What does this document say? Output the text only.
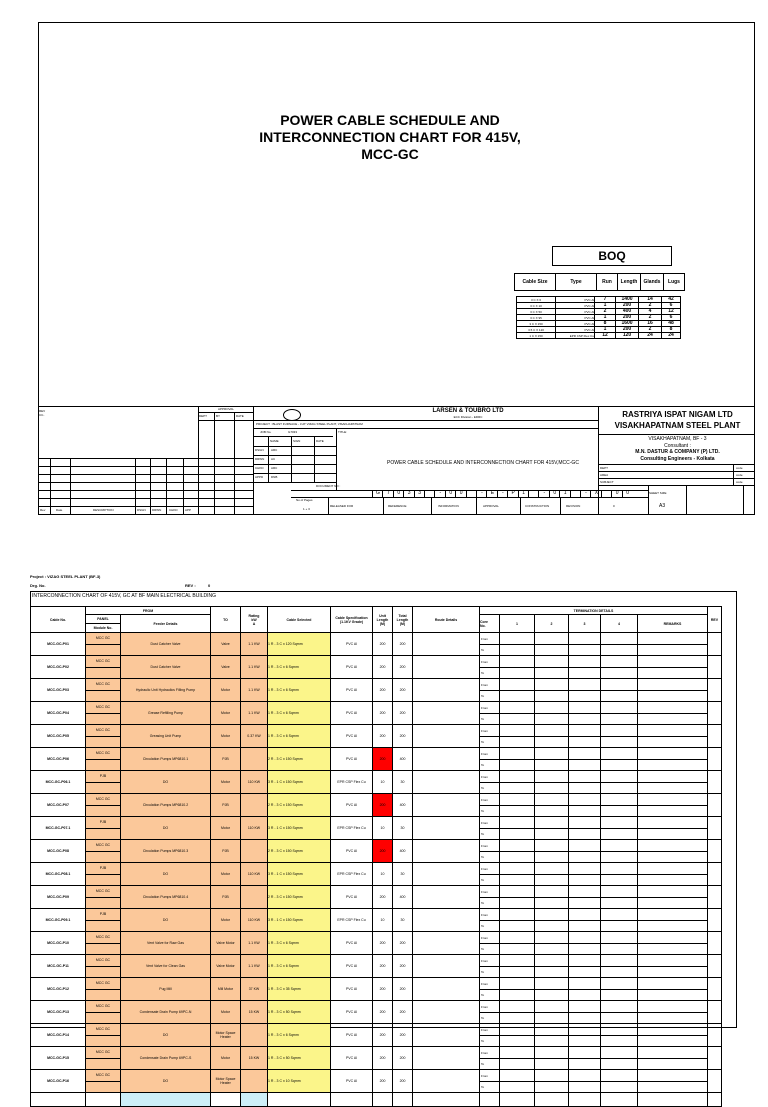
POWER CABLE SCHEDULE AND
INTERCONNECTION CHART FOR 415V,
MCC-GC
BOQ
Cable Size	Type	Run	Length	Glands	Lugs
3 C X 6	PVC Al	7	1400	14	42
3 C X 10	PVC Al	1	200	2	6
3 C X 50	PVC Al	2	400	4	12
3 C X 95	PVC Al	1	200	2	6
3 C X 150	PVC Al	8	1600	16	48
3.5 C X 120	PVC Al	1	200	2	8
1 C X 150	EPR CSP Flex Cu	12	120	24	24
REV
CC-
Rev	Date	DESCRIPTION	DSGN DRWN	CHKD APP
APPROVAL
DEPT	BY	DATE
LARSEN & TOUBRO LTD
ECC Division - EDRC
PROJECT : BLAST FURNACE - 3 AT VIZAG STEEL PLANT, VISAKHAPATNAM
JOB No.	G7033	TITLE:
NAME	SIGN	DATE
DSGN ARC
DRWN AC
CHKD ARC
APPD	DNB
POWER CABLE SCHEDULE AND INTERCONNECTION CHART FOR 415V,MCC-GC
DOCUMENT NO :
G	7	0	3	3	-	0	0	-	E	-	P	1	-	0	1	-	X	0	0
No of Pages
1 + 3
RELEASED FOR	REFERENCE	INFORMATION	APPROVAL	CONSTRUCTION	REVISION	0
SHEET SIZE
A3
RASTRIYA ISPAT NIGAM LTD
VISAKHAPATNAM STEEL PLANT
VISAKHAPATNAM, BF - 3
Consultant :
M.N. DASTUR & COMPANY (P) LTD.
Consulting Engineers - Kolkata
DEPT
AREA
SUBJECT
code
code
code
Project : VIZAG STEEL PLANT (BF-3)
Drg. No.	REV :	0
INTERCONNECTION CHART OF 415V, GC AT BF MAIN ELECTRICAL BUILDING
Cable No.	FROM		TO	Rating
kW
A	Cable Selected	Cable Specification
(1.1KV Grade)	Unit
Length
(M)	Total
Length
(M)	Route Details	TERMINATION DETAILS						REV
	PANEL	Feeder Details								Core
No.	1	2	3	4	REMARKS	
	Module No.															
MCC-GC-P01	MCC GC	Dust Catcher Valve	Valve	1.1 KW	1 R - 3 C x 120 Sqmm	PVC Al	200	200		From
To						

MCC-GC-P02	MCC GC	Dust Catcher Valve	Valve	1.1 KW	1 R - 3 C x 6 Sqmm	PVC Al	200	200		From
To						

MCC-GC-P03	MCC GC	Hydraulic Unit Hydraulics Filling Pump	Motor	1.1 KW	1 R - 3 C x 6 Sqmm	PVC Al	200	200		From
To						

MCC-GC-P04	MCC GC	Grease Refilling Pump	Motor	1.1 KW	1 R - 3 C x 6 Sqmm	PVC Al	200	200		From
To						

MCC-GC-P05	MCC GC	Greasing Unit Pump	Motor	0.37 KW	1 R - 3 C x 6 Sqmm	PVC Al	200	200		From
To						

MCC-GC-P06	MCC GC	Circulation Pumps MP6810.1	PJB		2 R - 3 C x 150 Sqmm	PVC Al	200	400		From
To						

MCC-GC-P06.1	PJB	DO	Motor	110 KW	3 R - 1 C x 150 Sqmm	EPR CSP Flex Cu	10	30		From
To						

MCC-GC-P07	MCC GC	Circulation Pumps MP6810.2	PJB		2 R - 3 C x 150 Sqmm	PVC Al	200	400		From
To						

MCC-GC-P07.1	PJB	DO	Motor	110 KW	3 R - 1 C x 150 Sqmm	EPR CSP Flex Cu	10	30		From
To						

MCC-GC-P08	MCC GC	Circulation Pumps MP6810.3	PJB		2 R - 3 C x 150 Sqmm	PVC Al	200	400		From
To						

MCC-GC-P08.1	PJB	DO	Motor	110 KW	3 R - 1 C x 150 Sqmm	EPR CSP Flex Cu	10	30		From
To						

MCC-GC-P09	MCC GC	Circulation Pumps MP6810.4	PJB		2 R - 3 C x 150 Sqmm	PVC Al	200	400		From
To						

MCC-GC-P09.1	PJB	DO	Motor	110 KW	3 R - 1 C x 150 Sqmm	EPR CSP Flex Cu	10	30		From
To						

MCC-GC-P10	MCC GC	Vent Valve for Raw Gas	Valve Motor	1.1 KW	1 R - 3 C x 6 Sqmm	PVC Al	200	200		From
To						

MCC-GC-P11	MCC GC	Vent Valve for Clean Gas	Valve Motor	1.1 KW	1 R - 3 C x 6 Sqmm	PVC Al	200	200		From
To						

MCC-GC-P12	MCC GC	Pug Mill	Mill Motor	37 KW	1 R - 3 C x 35 Sqmm	PVC Al	200	200		From
To						

MCC-GC-P13	MCC GC	Condensate Drain Pump 69PC-N	Motor	15 KW	1 R - 3 C x 50 Sqmm	PVC Al	200	200		From
To						

MCC-GC-P14	MCC GC	DO	Motor Space Heater		1 R - 3 C x 6 Sqmm	PVC Al	200	200		From
To						

MCC-GC-P15	MCC GC	Condensate Drain Pump 69PC-S	Motor	15 KW	1 R - 3 C x 50 Sqmm	PVC Al	200	200		From
To						

MCC-GC-P16	MCC GC	DO	Motor Space Heater		1 R - 3 C x 10 Sqmm	PVC Al	200	200		From
To						
